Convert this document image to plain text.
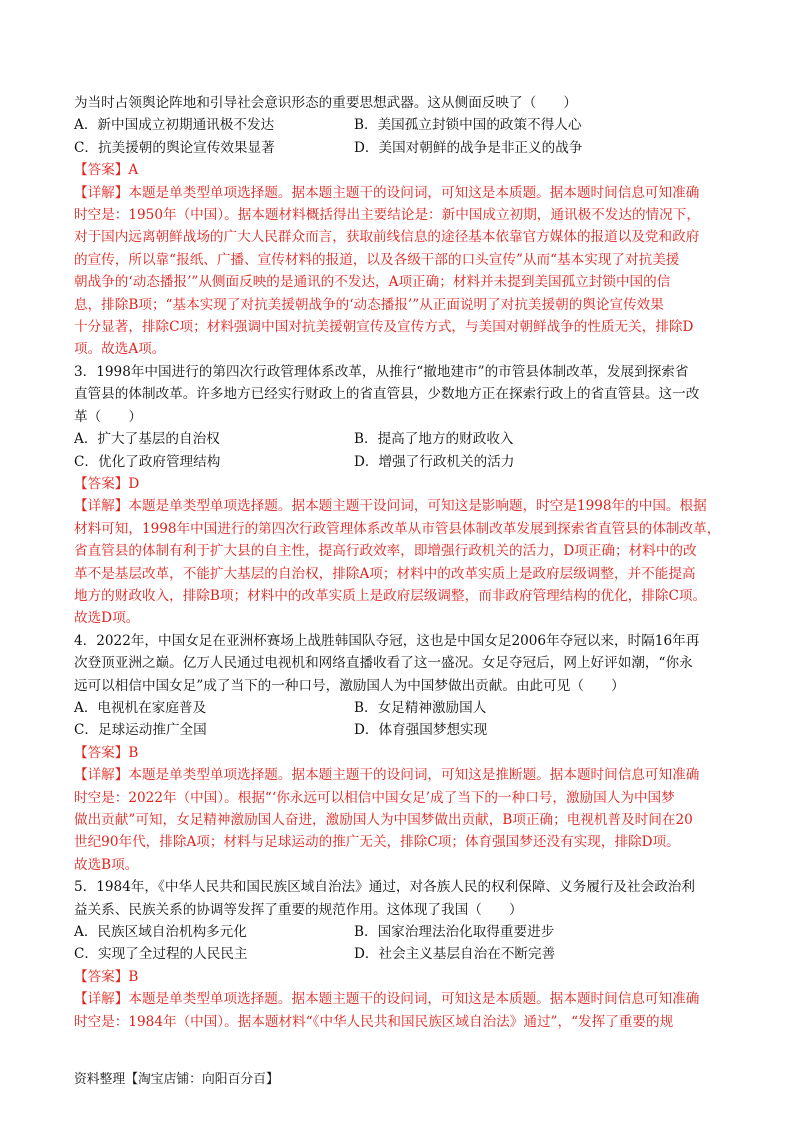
为当时占领舆论阵地和引导社会意识形态的重要思想武器。这从侧面反映了（　　）
A．新中国成立初期通讯极不发达	B．美国孤立封锁中国的政策不得人心
C．抗美援朝的舆论宣传效果显著	D．美国对朝鲜的战争是非正义的战争
【答案】A
【详解】本题是单类型单项选择题。据本题主题干的设问词，可知这是本质题。据本题时间信息可知准确
时空是：1950年（中国）。据本题材料概括得出主要结论是：新中国成立初期，通讯极不发达的情况下，
对于国内远离朝鲜战场的广大人民群众而言，获取前线信息的途径基本依靠官方媒体的报道以及党和政府
的宣传，所以靠“报纸、广播、宣传材料的报道，以及各级干部的口头宣传”从而“基本实现了对抗美援
朝战争的‘动态播报’”从侧面反映的是通讯的不发达，A项正确；材料并未提到美国孤立封锁中国的信
息，排除B项；“基本实现了对抗美援朝战争的‘动态播报’”从正面说明了对抗美援朝的舆论宣传效果
十分显著，排除C项；材料强调中国对抗美援朝宣传及宣传方式，与美国对朝鲜战争的性质无关，排除D
项。故选A项。
3．1998年中国进行的第四次行政管理体系改革，从推行“撤地建市”的市管县体制改革，发展到探索省
直管县的体制改革。许多地方已经实行财政上的省直管县，少数地方正在探索行政上的省直管县。这一改
革（　　）
A．扩大了基层的自治权	B．提高了地方的财政收入
C．优化了政府管理结构	D．增强了行政机关的活力
【答案】D
【详解】本题是单类型单项选择题。据本题主题干设问词，可知这是影响题，时空是1998年的中国。根据
材料可知，1998年中国进行的第四次行政管理体系改革从市管县体制改革发展到探索省直管县的体制改革，
省直管县的体制有利于扩大县的自主性，提高行政效率，即增强行政机关的活力，D项正确；材料中的改
革不是基层改革，不能扩大基层的自治权，排除A项；材料中的改革实质上是政府层级调整，并不能提高
地方的财政收入，排除B项；材料中的改革实质上是政府层级调整，而非政府管理结构的优化，排除C项。
故选D项。
4．2022年，中国女足在亚洲杯赛场上战胜韩国队夺冠，这也是中国女足2006年夺冠以来，时隔16年再
次登顶亚洲之巅。亿万人民通过电视机和网络直播收看了这一盛况。女足夺冠后，网上好评如潮，“你永
远可以相信中国女足”成了当下的一种口号，激励国人为中国梦做出贡献。由此可见（　　）
A．电视机在家庭普及	B．女足精神激励国人
C．足球运动推广全国	D．体育强国梦想实现
【答案】B
【详解】本题是单类型单项选择题。据本题主题干的设问词，可知这是推断题。据本题时间信息可知准确
时空是：2022年（中国）。根据“‘你永远可以相信中国女足’成了当下的一种口号，激励国人为中国梦
做出贡献”可知，女足精神激励国人奋进，激励国人为中国梦做出贡献，B项正确；电视机普及时间在20
世纪90年代，排除A项；材料与足球运动的推广无关，排除C项；体育强国梦还没有实现，排除D项。
故选B项。
5．1984年，《中华人民共和国民族区域自治法》通过，对各族人民的权利保障、义务履行及社会政治利
益关系、民族关系的协调等发挥了重要的规范作用。这体现了我国（　　）
A．民族区域自治机构多元化	B．国家治理法治化取得重要进步
C．实现了全过程的人民民主	D．社会主义基层自治在不断完善
【答案】B
【详解】本题是单类型单项选择题。据本题主题干的设问词，可知这是本质题。据本题时间信息可知准确
时空是：1984年（中国）。据本题材料“《中华人民共和国民族区域自治法》通过”，“发挥了重要的规
资料整理【淘宝店铺：向阳百分百】
